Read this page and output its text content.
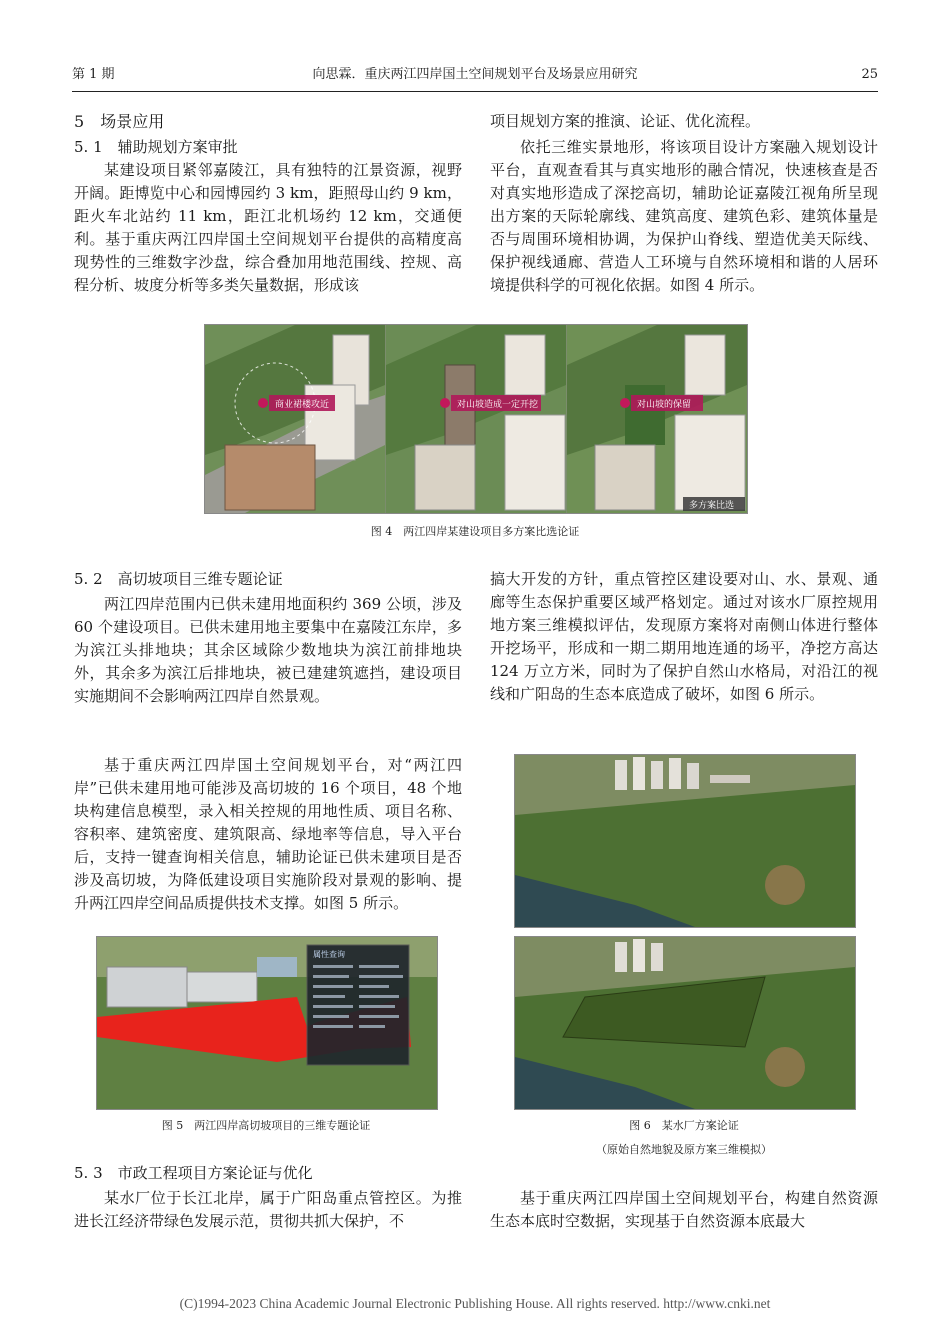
第 1 期	向思霖．重庆两江四岸国土空间规划平台及场景应用研究	25
5　 场景应用
5. 1　 辅助规划方案审批

某建设项目紧邻嘉陵江，具有独特的江景资源，视野开阔。距博览中心和园博园约 3 km，距照母山约 9 km，距火车北站约 11 km，距江北机场约 12 km，交通便利。基于重庆两江四岸国土空间规划平台提供的高精度高现势性的三维数字沙盘，综合叠加用地范围线、控规、高程分析、坡度分析等多类矢量数据，形成该

项目规划方案的推演、论证、优化流程。

依托三维实景地形，将该项目设计方案融入规划设计平台，直观查看其与真实地形的融合情况，快速核查是否对真实地形造成了深挖高切，辅助论证嘉陵江视角所呈现出方案的天际轮廓线、建筑高度、建筑色彩、建筑体量是否与周围环境相协调，为保护山脊线、塑造优美天际线、保护视线通廊、营造人工环境与自然环境相和谐的人居环境提供科学的可视化依据。如图 4 所示。

商业裙楼攻近	对山坡造成一定开挖	对山坡的保留
多方案比选
图 4　两江四岸某建设项目多方案比选论证
5. 2　 高切坡项目三维专题论证

两江四岸范围内已供未建用地面积约 369 公顷，涉及 60 个建设项目。已供未建用地主要集中在嘉陵江东岸，多为滨江头排地块；其余区域除少数地块为滨江前排地块外，其余多为滨江后排地块，被已建建筑遮挡，建设项目实施期间不会影响两江四岸自然景观。

基于重庆两江四岸国土空间规划平台，对“两江四岸”已供未建用地可能涉及高切坡的 16 个项目，48 个地块构建信息模型，录入相关控规的用地性质、项目名称、容积率、建筑密度、建筑限高、绿地率等信息，导入平台后，支持一键查询相关信息，辅助论证已供未建项目是否涉及高切坡，为降低建设项目实施阶段对景观的影响、提升两江四岸空间品质提供技术支撑。如图 5 所示。

属性查询
图 5　两江四岸高切坡项目的三维专题论证

搞大开发的方针，重点管控区建设要对山、水、景观、通廊等生态保护重要区域严格划定。通过对该水厂原控规用地方案三维模拟评估，发现原方案将对南侧山体进行整体开挖场平，形成和一期二期用地连通的场平，净挖方高达 124 万立方米，同时为了保护自然山水格局，对沿江的视线和广阳岛的生态本底造成了破坏，如图 6 所示。

图 6　某水厂方案论证
（原始自然地貌及原方案三维模拟）
5. 3　 市政工程项目方案论证与优化

某水厂位于长江北岸，属于广阳岛重点管控区。为推进长江经济带绿色发展示范，贯彻共抓大保护，不

基于重庆两江四岸国土空间规划平台，构建自然资源生态本底时空数据，实现基于自然资源本底最大

(C)1994-2023 China Academic Journal Electronic Publishing House. All rights reserved. http://www.cnki.net
